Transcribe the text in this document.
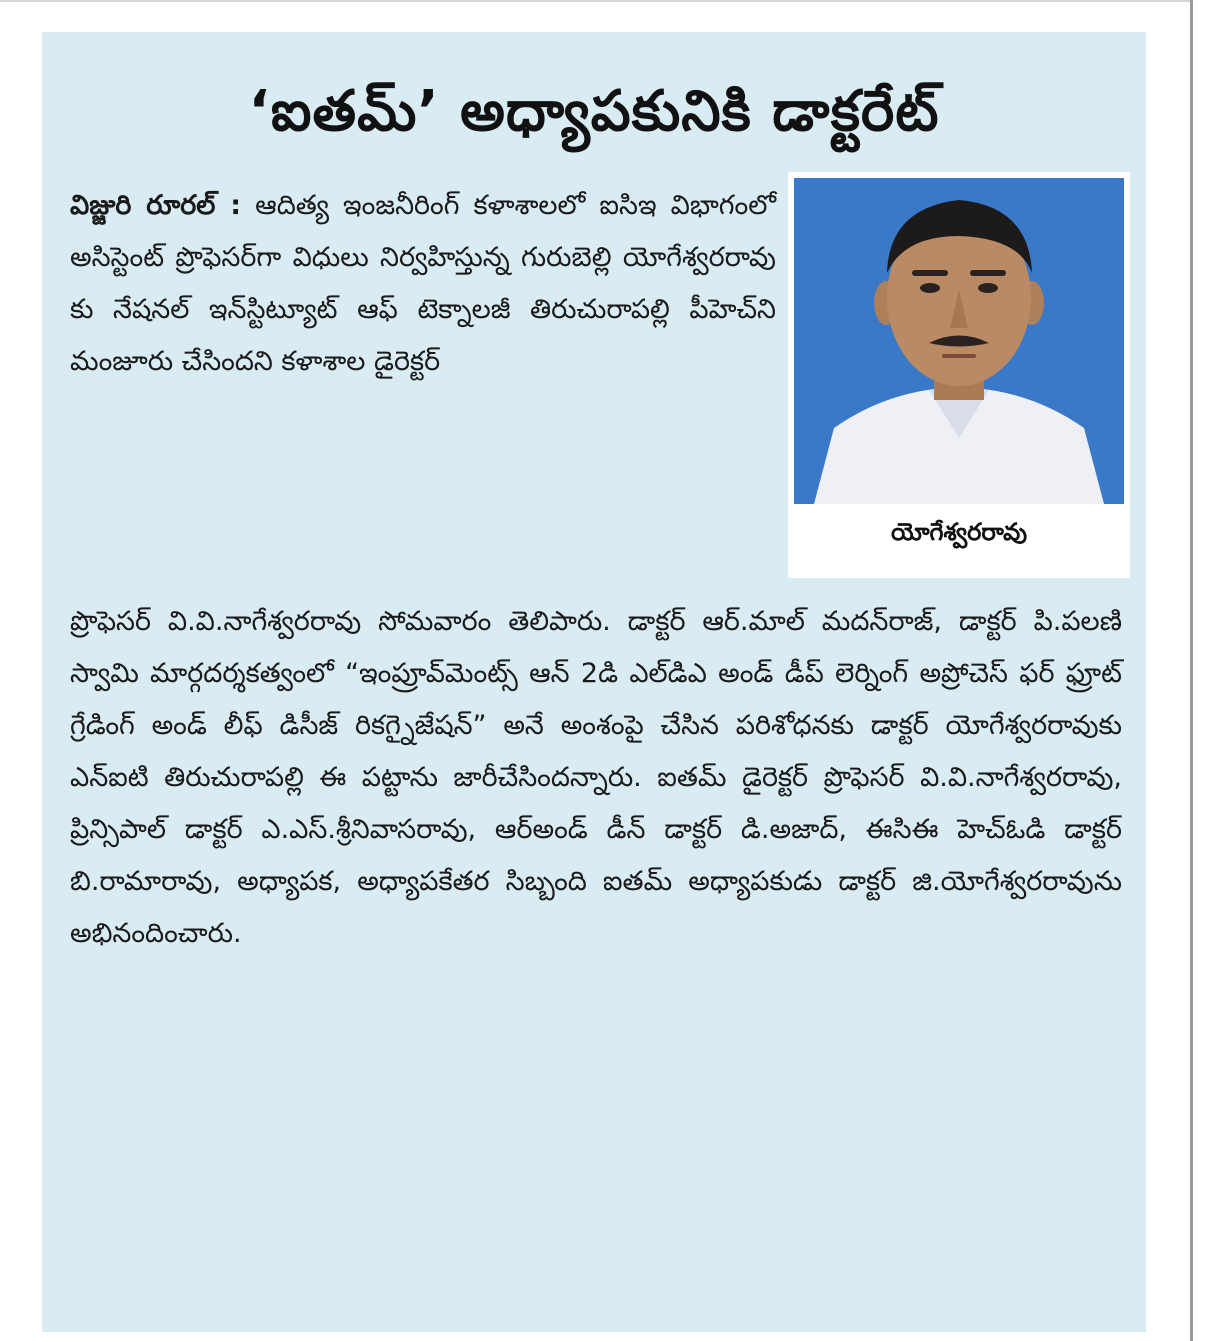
‘ఐతమ్’ అధ్యాపకునికి డాక్టరేట్
విజ్జురి రూరల్ : ఆదిత్య ఇంజనీరింగ్ కళాశాలలో ఐసిఇ విభాగంలో అసిస్టెంట్ ప్రొఫెసర్‌గా విధులు నిర్వహిస్తున్న గురుబెల్లి యోగేశ్వరరావు కు నేషనల్ ఇన్‌స్టిట్యూట్ ఆఫ్ టెక్నాలజీ తిరుచురాపల్లి పీహెచ్‌ని మంజూరు చేసిందని కళాశాల డైరెక్టర్
యోగేశ్వరరావు
ప్రొఫెసర్ వి.వి.నాగేశ్వరరావు సోమవారం తెలిపారు. డాక్టర్ ఆర్.మాల్ మదన్‌రాజ్, డాక్టర్ పి.పలణి స్వామి మార్గదర్శకత్వంలో “ఇంప్రూవ్‌మెంట్స్ ఆన్ 2డి ఎల్‌డిఎ అండ్ డీప్ లెర్నింగ్ అప్రోచెస్ ఫర్ ఫ్రూట్ గ్రేడింగ్ అండ్ లీఫ్ డిసీజ్ రికగ్నైజేషన్” అనే అంశంపై చేసిన పరిశోధనకు డాక్టర్ యోగేశ్వరరావుకు ఎన్ఐటి తిరుచురాపల్లి ఈ పట్టాను జారీచేసిందన్నారు. ఐతమ్ డైరెక్టర్ ప్రొఫెసర్ వి.వి.నాగేశ్వరరావు, ప్రిన్సిపాల్ డాక్టర్ ఎ.ఎస్.శ్రీనివాసరావు, ఆర్అండ్ డీన్ డాక్టర్ డి.అజాద్, ఈసిఈ హెచ్ఓడి డాక్టర్ బి.రామారావు, అధ్యాపక, అధ్యాపకేతర సిబ్బంది ఐతమ్ అధ్యాపకుడు డాక్టర్ జి.యోగేశ్వరరావును అభినందించారు.
